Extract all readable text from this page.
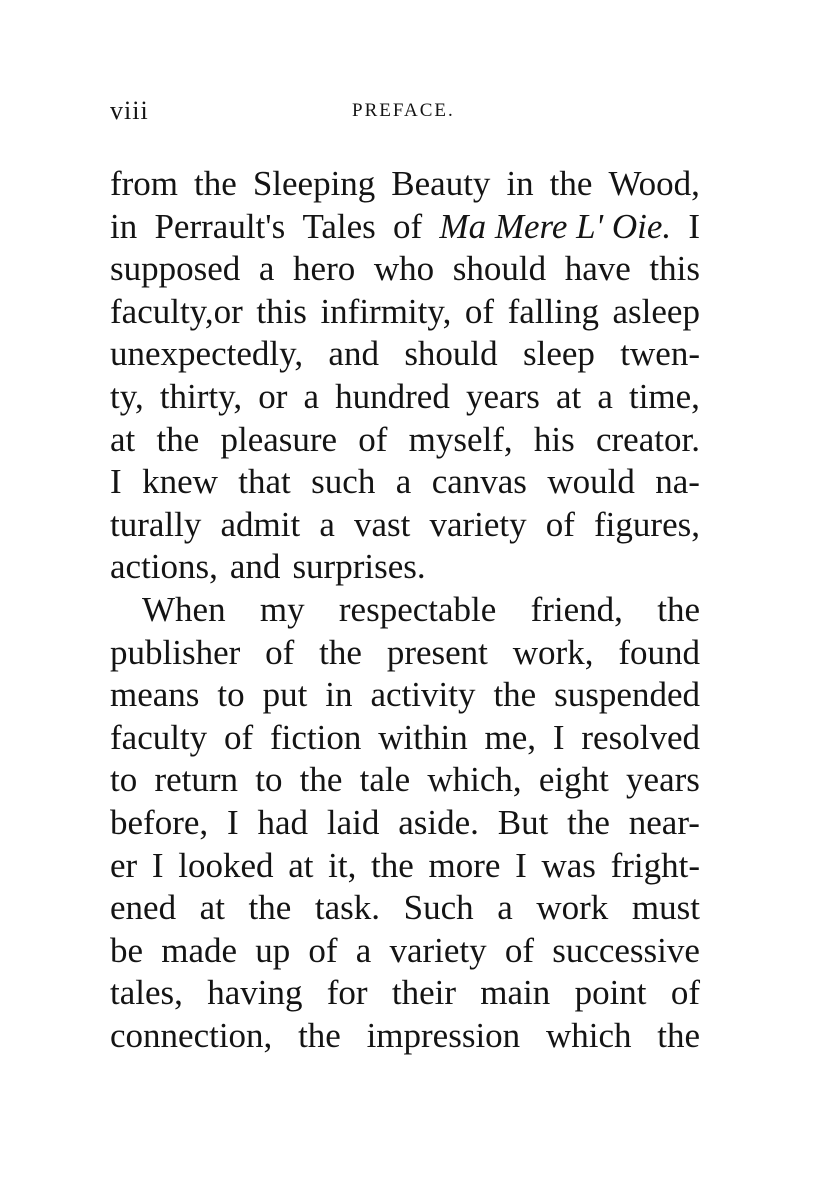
viii	PREFACE.
from the Sleeping Beauty in the Wood,
in Perrault's Tales of Ma Mere L' Oie. I
supposed a hero who should have this
faculty,or this infirmity, of falling asleep
unexpectedly, and should sleep twen-
ty, thirty, or a hundred years at a time,
at the pleasure of myself, his creator.
I knew that such a canvas would na-
turally admit a vast variety of figures,
actions, and surprises.
When my respectable friend, the
publisher of the present work, found
means to put in activity the suspended
faculty of fiction within me, I resolved
to return to the tale which, eight years
before, I had laid aside. But the near-
er I looked at it, the more I was fright-
ened at the task. Such a work must
be made up of a variety of successive
tales, having for their main point of
connection, the impression which the
